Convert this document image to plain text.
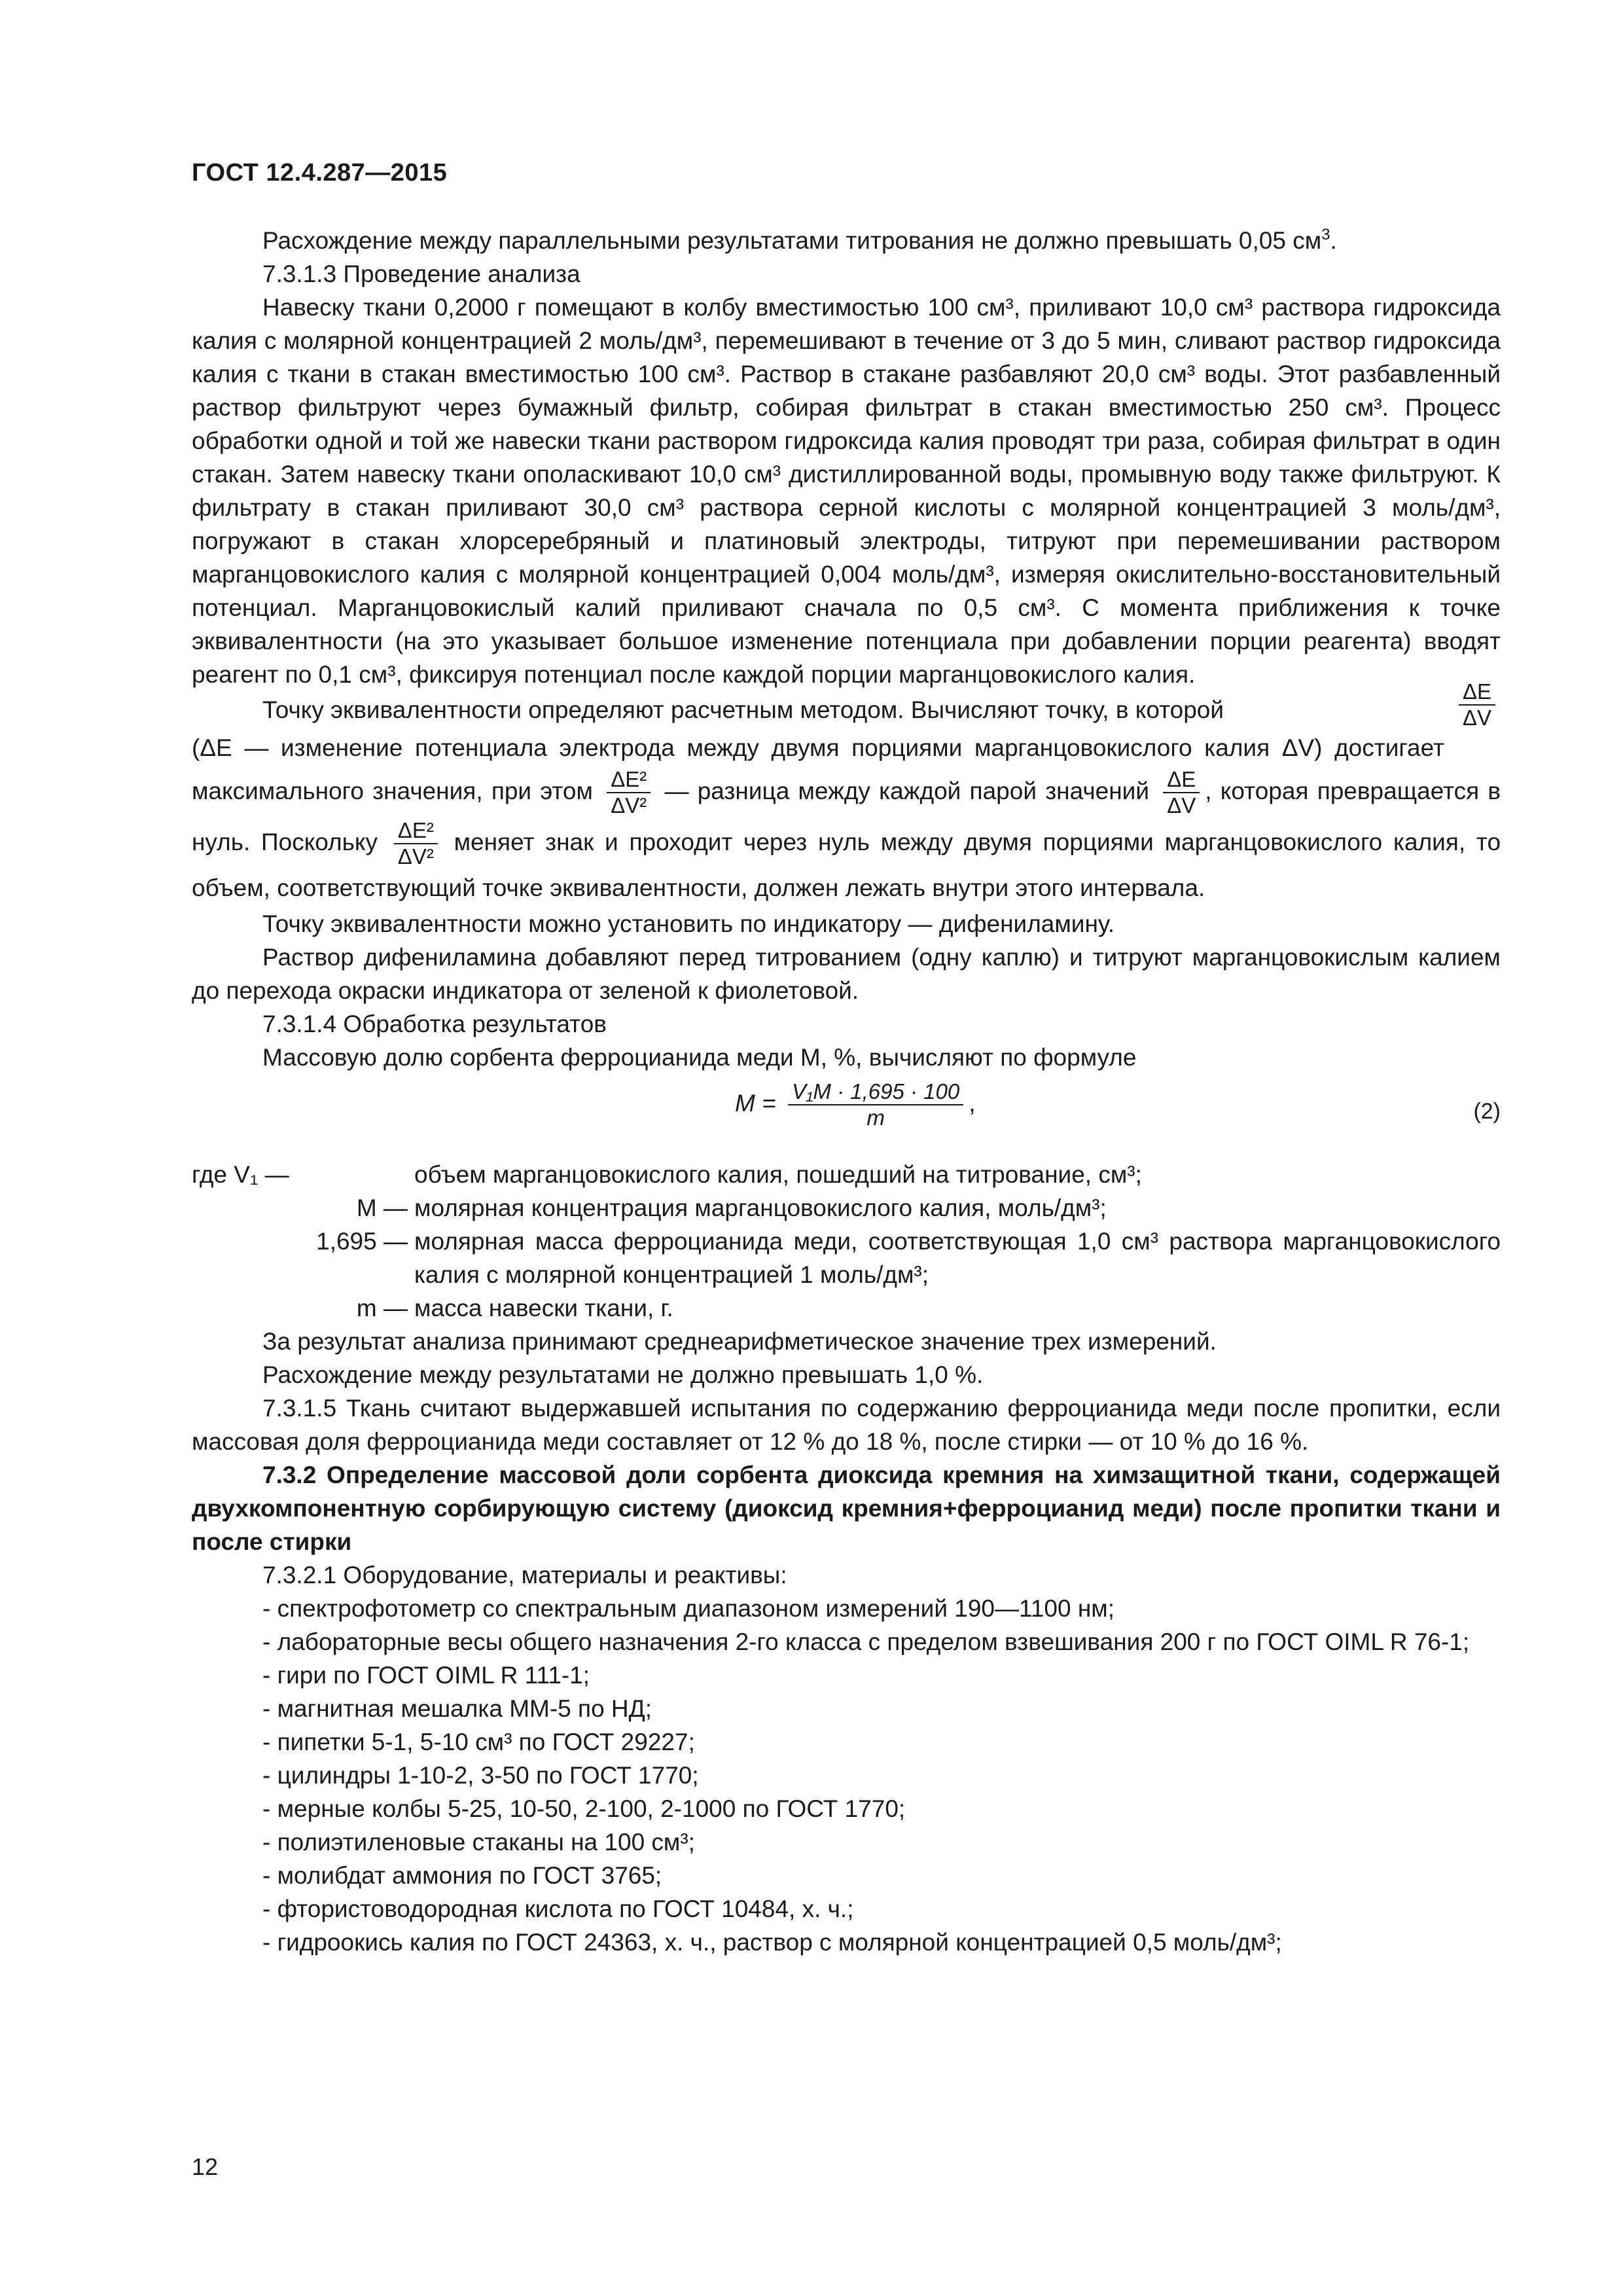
ГОСТ 12.4.287—2015

Расхождение между параллельными результатами титрования не должно превышать 0,05 $см^3$.

7.3.1.3 Проведение анализа

Навеску ткани 0,2000 г помещают в колбу вместимостью 100 см³, приливают 10,0 см³ раствора гидроксида калия с молярной концентрацией 2 моль/дм³, перемешивают в течение от 3 до 5 мин, сливают раствор гидроксида калия с ткани в стакан вместимостью 100 см³. Раствор в стакане разбавляют 20,0 см³ воды. Этот разбавленный раствор фильтруют через бумажный фильтр, собирая фильтрат в стакан вместимостью 250 см³. Процесс обработки одной и той же навески ткани раствором гидроксида калия проводят три раза, собирая фильтрат в один стакан. Затем навеску ткани ополаскивают 10,0 см³ дистиллированной воды, промывную воду также фильтруют. К фильтрату в стакан приливают 30,0 см³ раствора серной кислоты с молярной концентрацией 3 моль/дм³, погружают в стакан хлорсеребряный и платиновый электроды, титруют при перемешивании раствором марганцовокислого калия с молярной концентрацией 0,004 моль/дм³, измеряя окислительно-восстановительный потенциал. Марганцовокислый калий приливают сначала по 0,5 см³. С момента приближения к точке эквивалентности (на это указывает большое изменение потенциала при добавлении порции реагента) вводят реагент по 0,1 см³, фиксируя потенциал после каждой порции марганцовокислого калия.

$\frac{\Delta E}{\Delta V}$
Точку эквивалентности определяют расчетным методом. Вычисляют точку, в которой
(ΔE — изменение потенциала электрода между двумя порциями марганцовокислого калия ΔV) достигает максимального значения, при этом $\frac{\text{ΔE²}}{\text{ΔV²}}$ — разница между каждой парой значений $\frac{\Delta E}{\Delta V}$ , которая превращается в нуль. Поскольку $\frac{\text{ΔE²}}{\text{ΔV²}}$ меняет знак и проходит через нуль между двумя порциями марганцовокислого калия, то объем, соответствующий точке эквивалентности, должен лежать внутри этого интервала.

Точку эквивалентности можно установить по индикатору — дифениламину.

Раствор дифениламина добавляют перед титрованием (одну каплю) и титруют марганцовокислым калием до перехода окраски индикатора от зеленой к фиолетовой.

7.3.1.4 Обработка результатов

Массовую долю сорбента ферроцианида меди M, %, вычисляют по формуле

$M = \frac{\text{V₁M · 1,695 · 100}}{m}$ ,	(2)
где V₁ —	объем марганцовокислого калия, пошедший на титрование, см³;
M — молярная концентрация марганцовокислого калия, моль/дм³;
1,695 — молярная масса ферроцианида меди, соответствующая 1,0 см³ раствора марганцовокислого калия с молярной концентрацией 1 моль/дм³;
m — масса навески ткани, г.

За результат анализа принимают среднеарифметическое значение трех измерений.

Расхождение между результатами не должно превышать 1,0 %.

7.3.1.5 Ткань считают выдержавшей испытания по содержанию ферроцианида меди после пропитки, если массовая доля ферроцианида меди составляет от 12 % до 18 %, после стирки — от 10 % до 16 %.

7.3.2 Определение массовой доли сорбента диоксида кремния на химзащитной ткани, содержащей двухкомпонентную сорбирующую систему (диоксид кремния+ферроцианид меди) после пропитки ткани и после стирки

7.3.2.1 Оборудование, материалы и реактивы:

- спектрофотометр со спектральным диапазоном измерений 190—1100 нм;

- лабораторные весы общего назначения 2-го класса с пределом взвешивания 200 г по ГОСТ OIML R 76-1;

- гири по ГОСТ OIML R 111-1;

- магнитная мешалка ММ-5 по НД;

- пипетки 5-1, 5-10 см³ по ГОСТ 29227;

- цилиндры 1-10-2, 3-50 по ГОСТ 1770;

- мерные колбы 5-25, 10-50, 2-100, 2-1000 по ГОСТ 1770;

- полиэтиленовые стаканы на 100 см³;

- молибдат аммония по ГОСТ 3765;

- фтористоводородная кислота по ГОСТ 10484, х. ч.;

- гидроокись калия по ГОСТ 24363, х. ч., раствор с молярной концентрацией 0,5 моль/дм³;

12
